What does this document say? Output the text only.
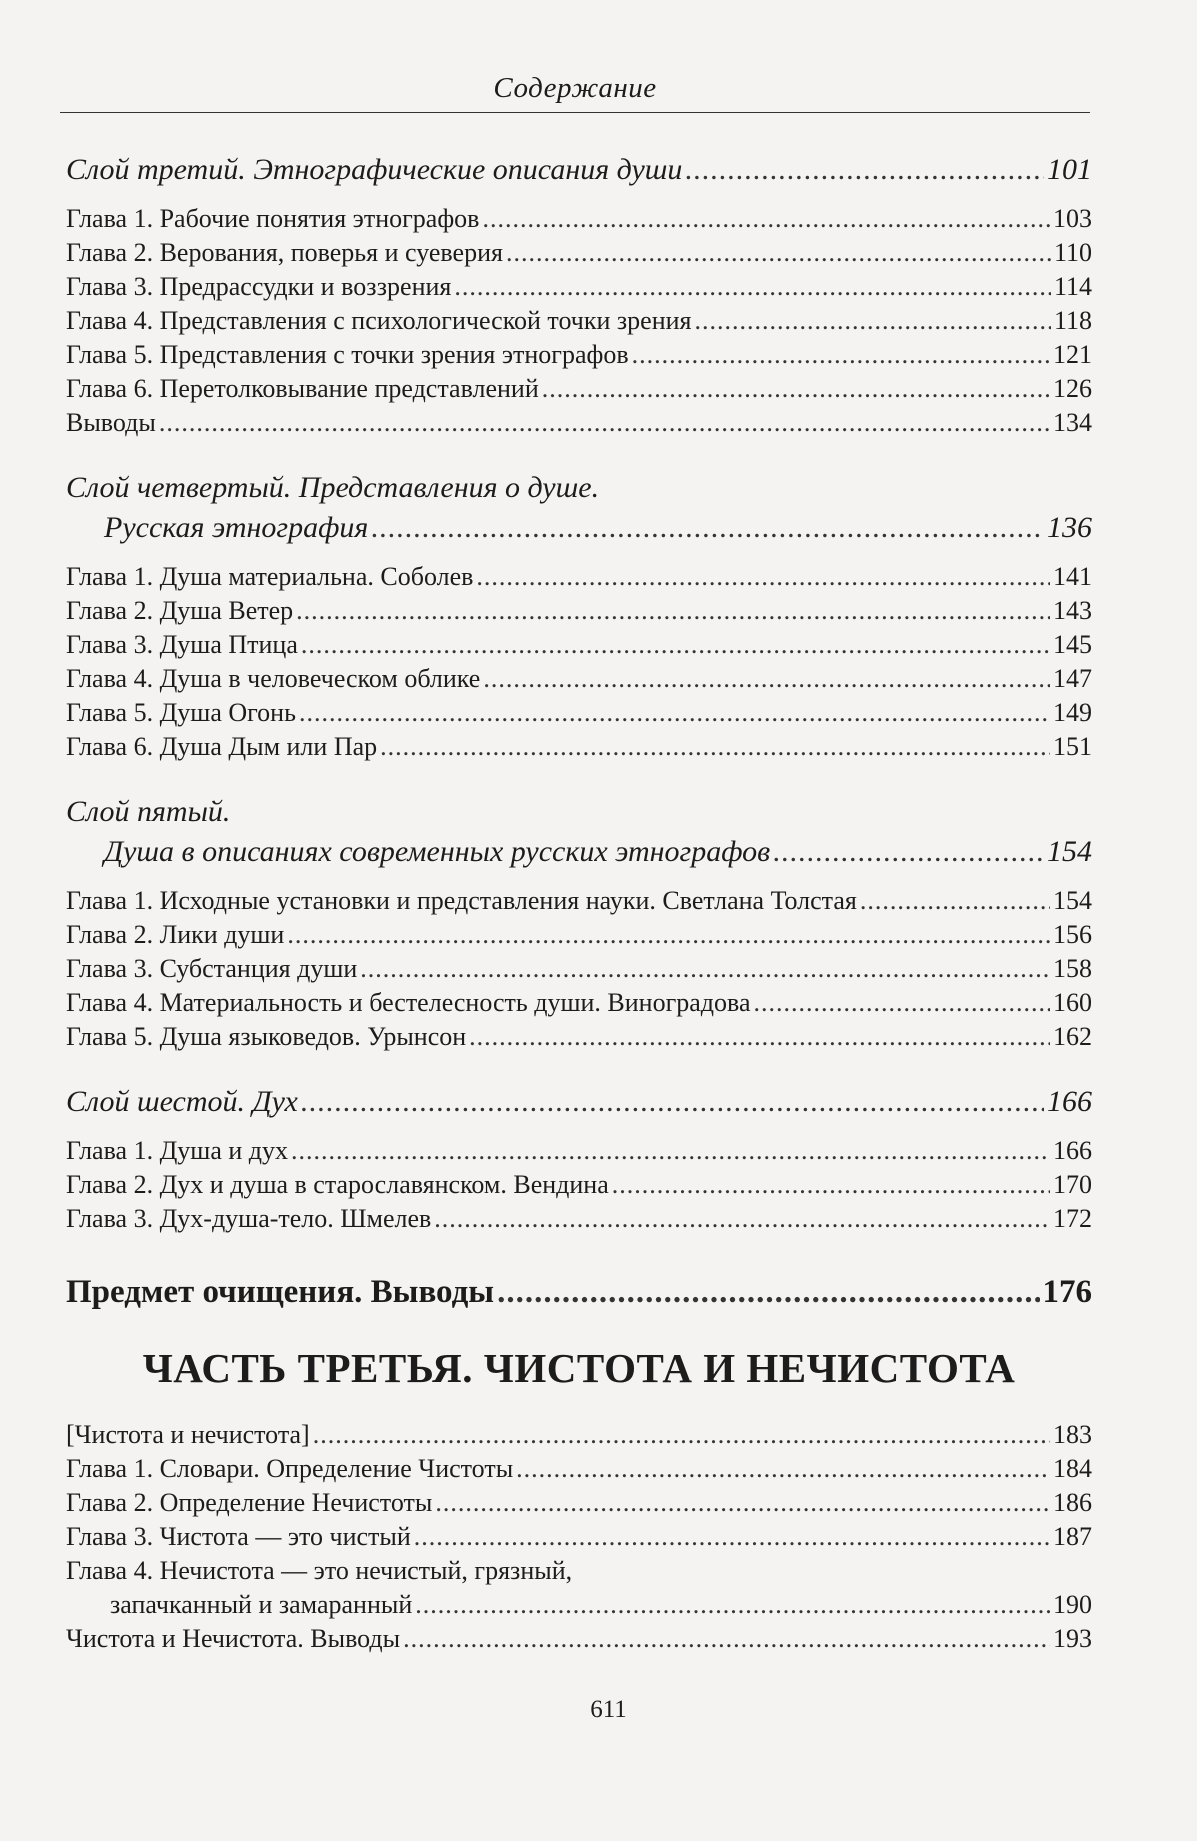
Содержание
Слой третий. Этнографические описания души .....	101
Глава 1. Рабочие понятия этнографов .....	103
Глава 2. Верования, поверья и суеверия .....	110
Глава 3. Предрассудки и воззрения .....	114
Глава 4. Представления с психологической точки зрения .....	118
Глава 5. Представления с точки зрения этнографов .....	121
Глава 6. Перетолковывание представлений .....	126
Выводы .....	134
Слой четвертый. Представления о душе.
Русская этнография .....	136
Глава 1. Душа материальна. Соболев .....	141
Глава 2. Душа Ветер .....	143
Глава 3. Душа Птица .....	145
Глава 4. Душа в человеческом облике .....	147
Глава 5. Душа Огонь .....	149
Глава 6. Душа Дым или Пар .....	151
Слой пятый.
Душа в описаниях современных русских этнографов .....	154
Глава 1. Исходные установки и представления науки. Светлана Толстая .....	154
Глава 2. Лики души .....	156
Глава 3. Субстанция души .....	158
Глава 4. Материальность и бестелесность души. Виноградова .....	160
Глава 5. Душа языковедов. Урынсон .....	162
Слой шестой. Дух .....	166
Глава 1. Душа и дух .....	166
Глава 2. Дух и душа в старославянском. Вендина .....	170
Глава 3. Дух-душа-тело. Шмелев .....	172
Предмет очищения. Выводы .....	176
ЧАСТЬ ТРЕТЬЯ. ЧИСТОТА И НЕЧИСТОТА
[Чистота и нечистота] .....	183
Глава 1. Словари. Определение Чистоты .....	184
Глава 2. Определение Нечистоты .....	186
Глава 3. Чистота — это чистый .....	187
Глава 4. Нечистота — это нечистый, грязный,
запачканный и замаранный .....	190
Чистота и Нечистота. Выводы .....	193
611
